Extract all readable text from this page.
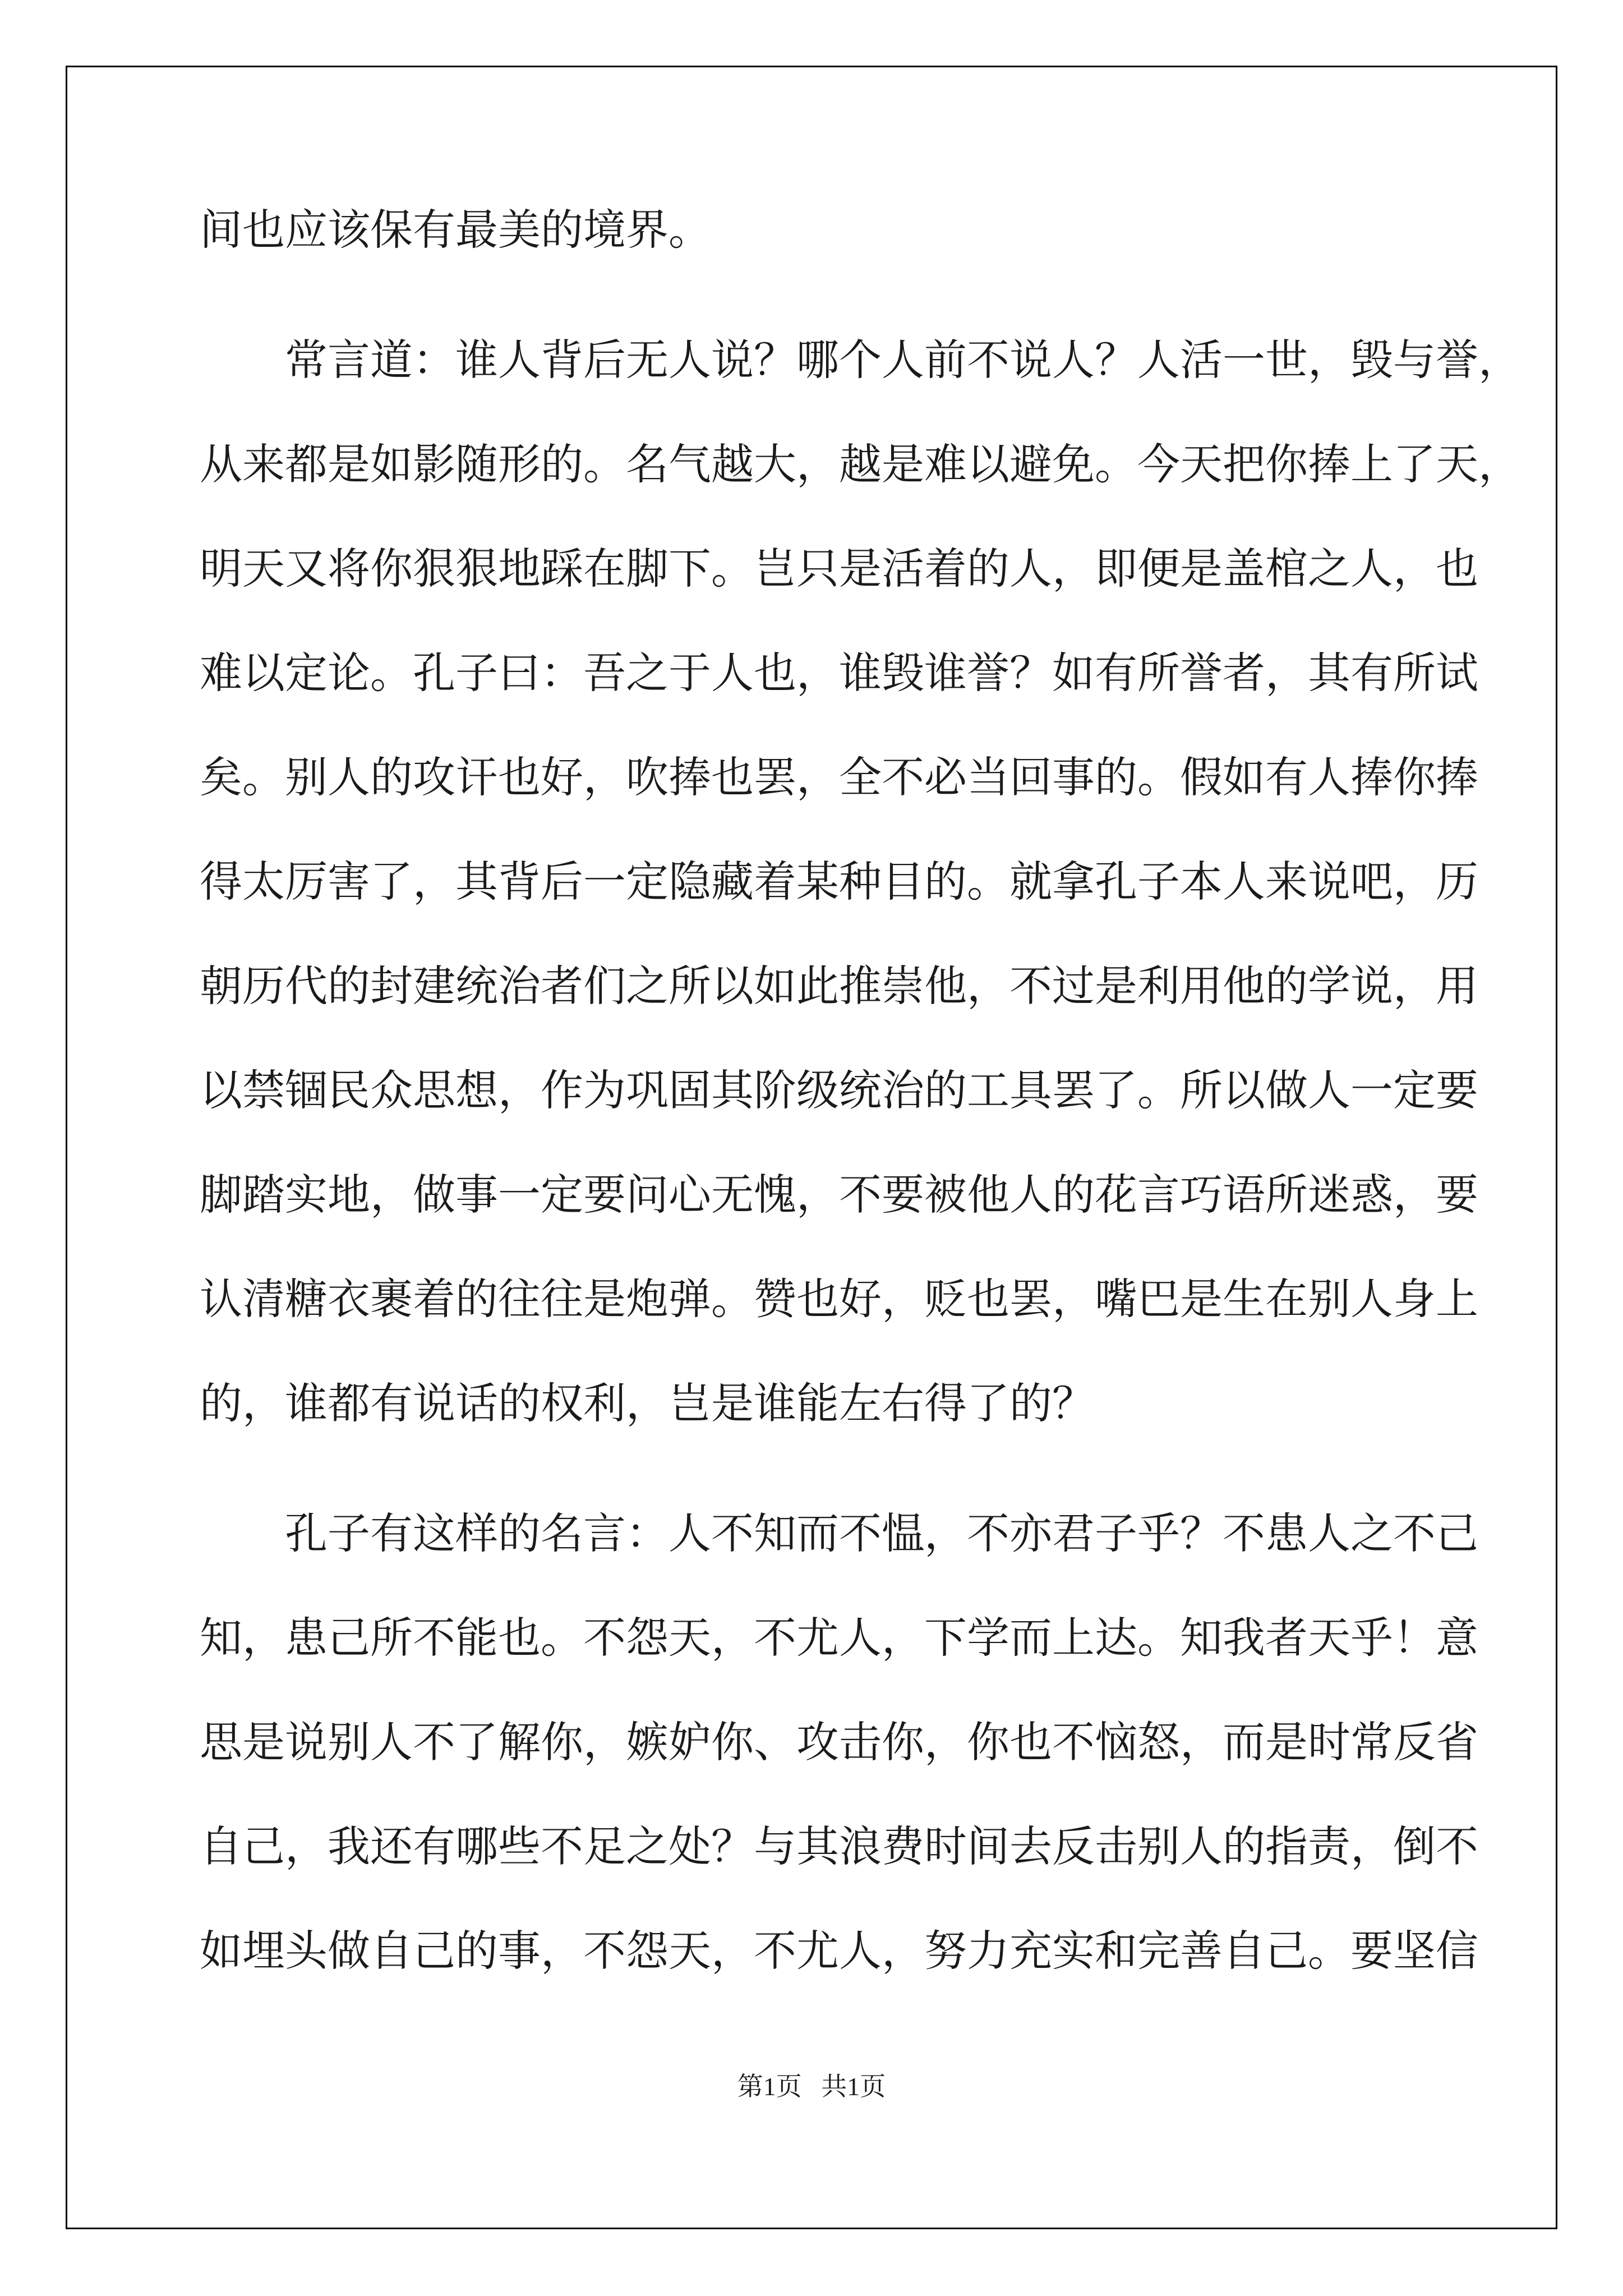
间也应该保有最美的境界。
常言道：谁人背后无人说？哪个人前不说人？人活一世，毁与誉，
从来都是如影随形的。名气越大，越是难以避免。今天把你捧上了天，
明天又将你狠狠地踩在脚下。岂只是活着的人，即便是盖棺之人，也
难以定论。孔子曰：吾之于人也，谁毁谁誉？如有所誉者，其有所试
矣。别人的攻讦也好，吹捧也罢，全不必当回事的。假如有人捧你捧
得太厉害了，其背后一定隐藏着某种目的。就拿孔子本人来说吧，历
朝历代的封建统治者们之所以如此推崇他，不过是利用他的学说，用
以禁锢民众思想，作为巩固其阶级统治的工具罢了。所以做人一定要
脚踏实地，做事一定要问心无愧，不要被他人的花言巧语所迷惑，要
认清糖衣裹着的往往是炮弹。赞也好，贬也罢，嘴巴是生在别人身上
的，谁都有说话的权利，岂是谁能左右得了的？
孔子有这样的名言：人不知而不愠，不亦君子乎？不患人之不己
知，患己所不能也。不怨天，不尤人，下学而上达。知我者天乎！意
思是说别人不了解你，嫉妒你、攻击你，你也不恼怒，而是时常反省
自己，我还有哪些不足之处？与其浪费时间去反击别人的指责，倒不
如埋头做自己的事，不怨天，不尤人，努力充实和完善自己。要坚信
第1页   共1页
